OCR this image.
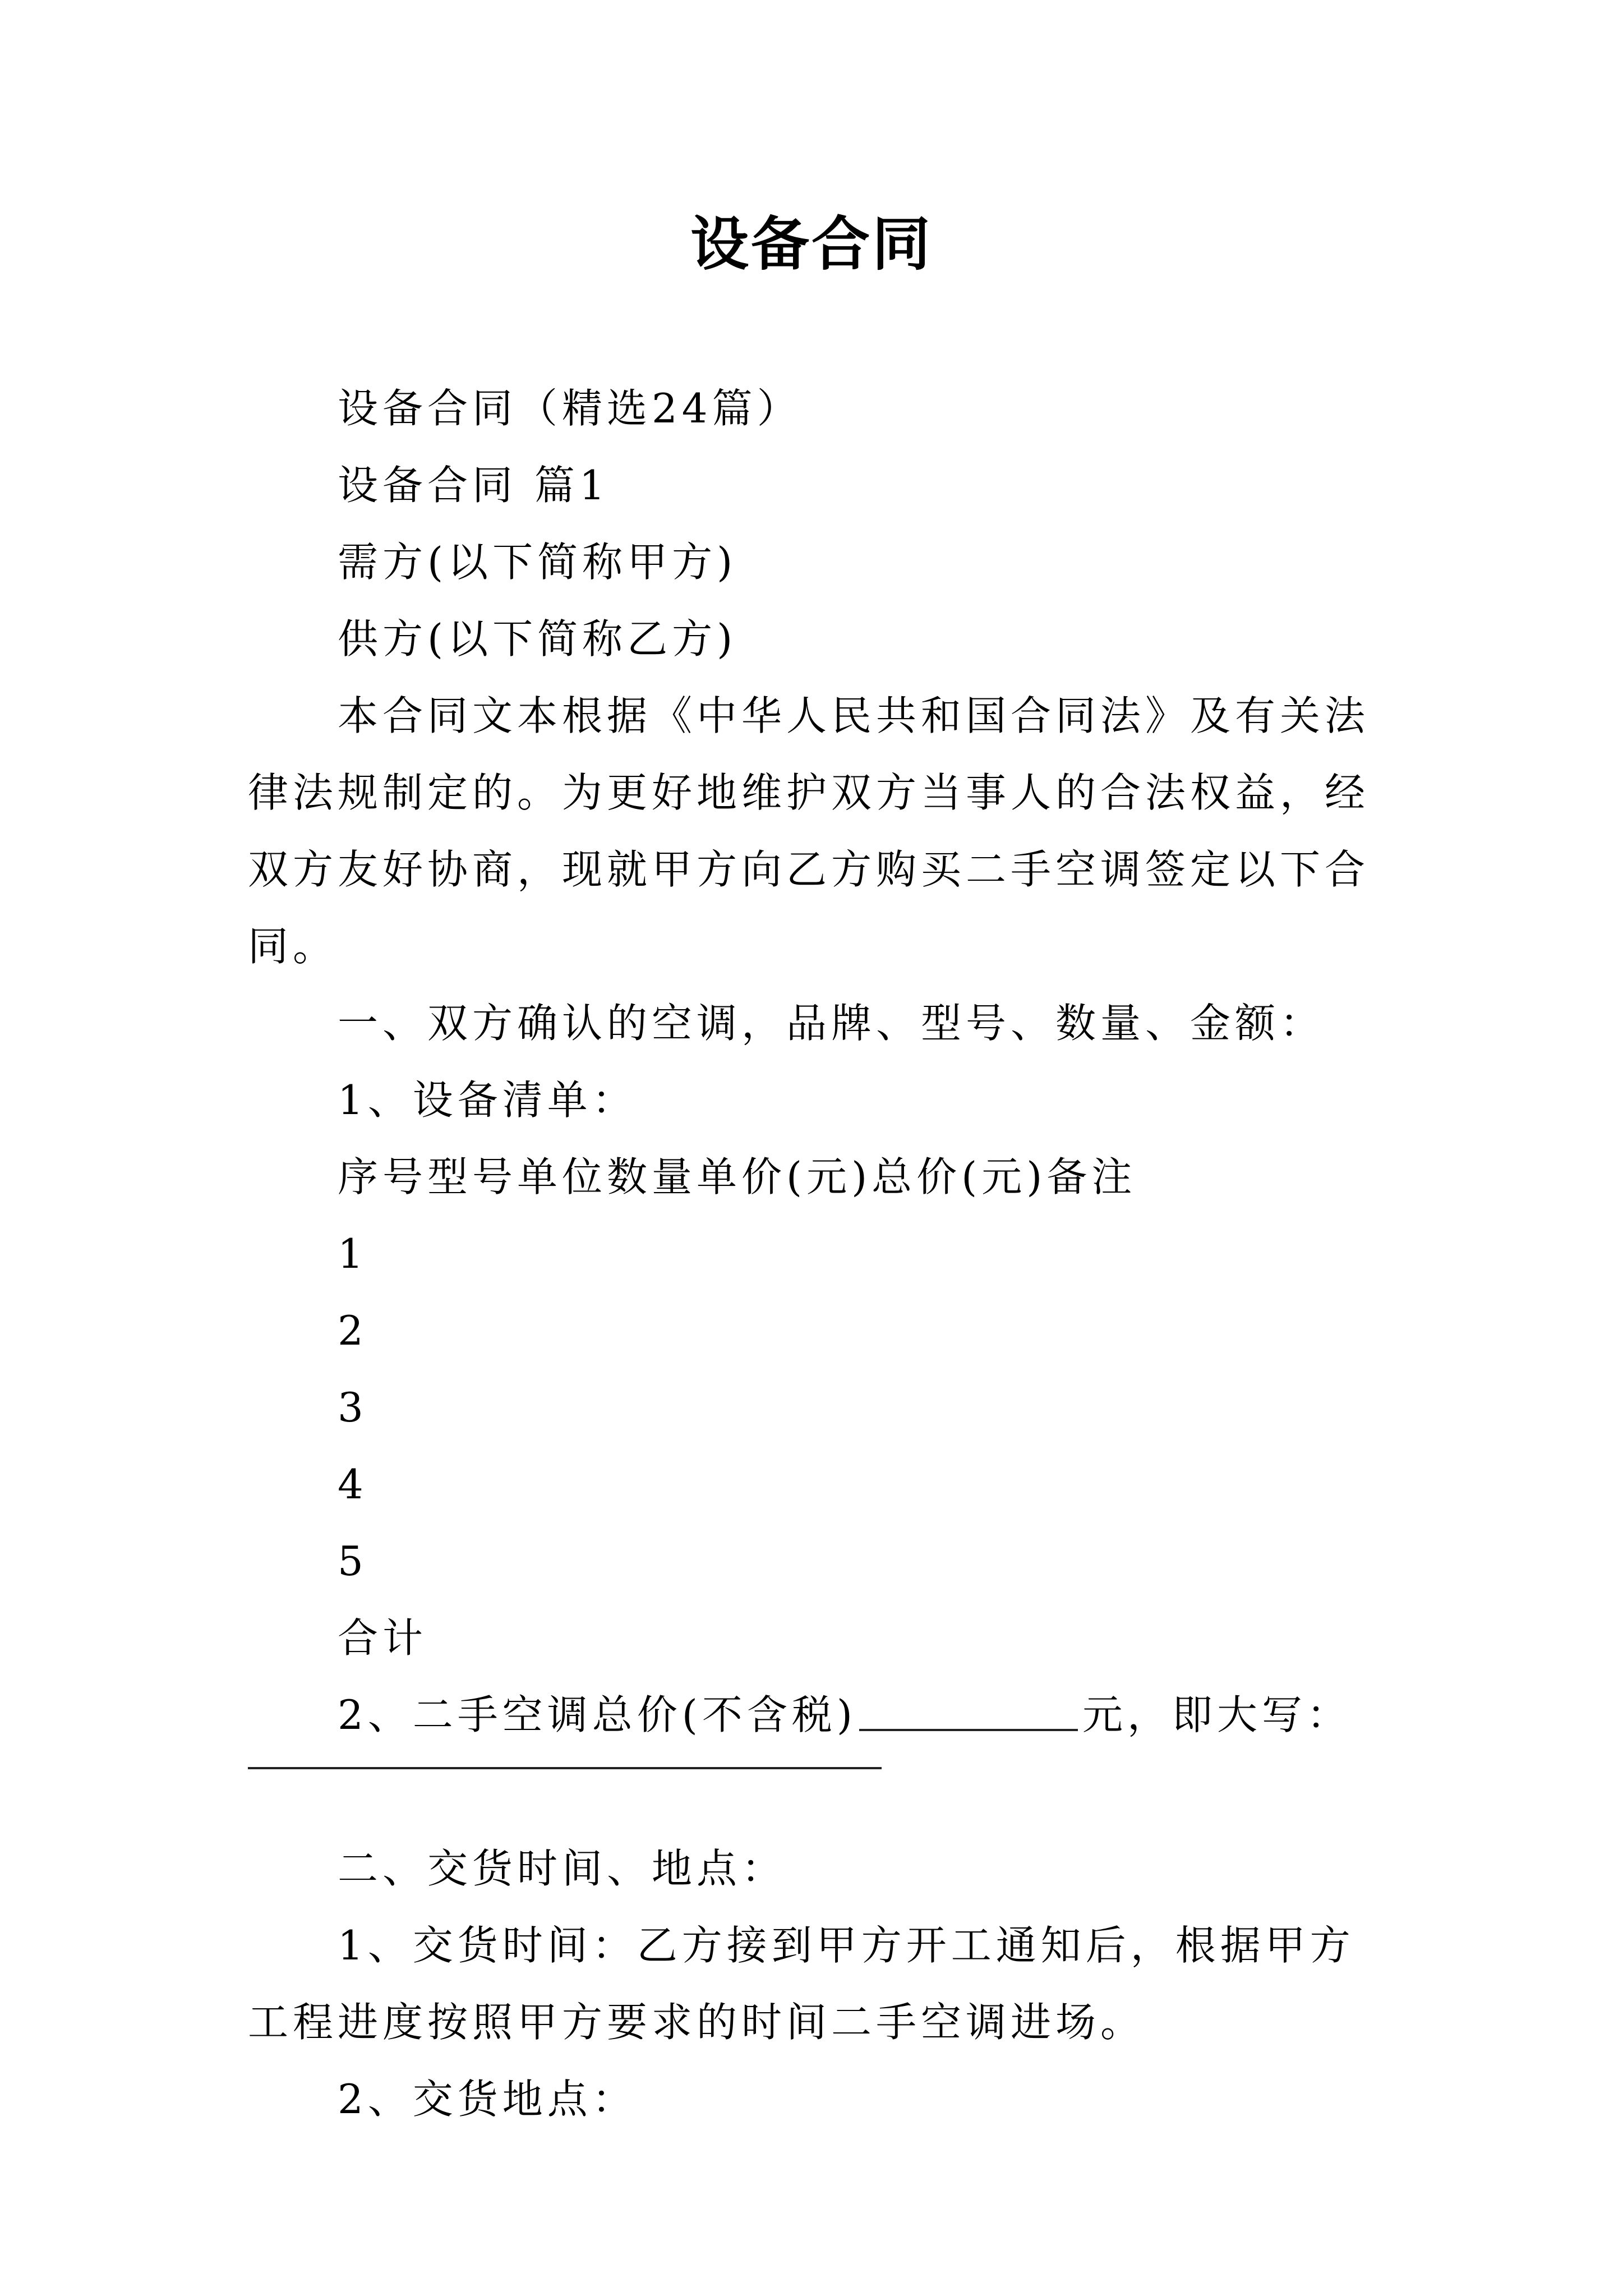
设备合同

设备合同（精选24篇）

设备合同 篇1

需方(以下简称甲方)

供方(以下简称乙方)

本合同文本根据《中华人民共和国合同法》及有关法律法规制定的。为更好地维护双方当事人的合法权益，经双方友好协商，现就甲方向乙方购买二手空调签定以下合同。

一、双方确认的空调，品牌、型号、数量、金额：

1、设备清单：

序号型号单位数量单价(元)总价(元)备注

1

2

3

4

5

合计

2、二手空调总价(不含税)	元，即大写：

二、交货时间、地点：

1、交货时间：乙方接到甲方开工通知后，根据甲方工程进度按照甲方要求的时间二手空调进场。

2、交货地点：
